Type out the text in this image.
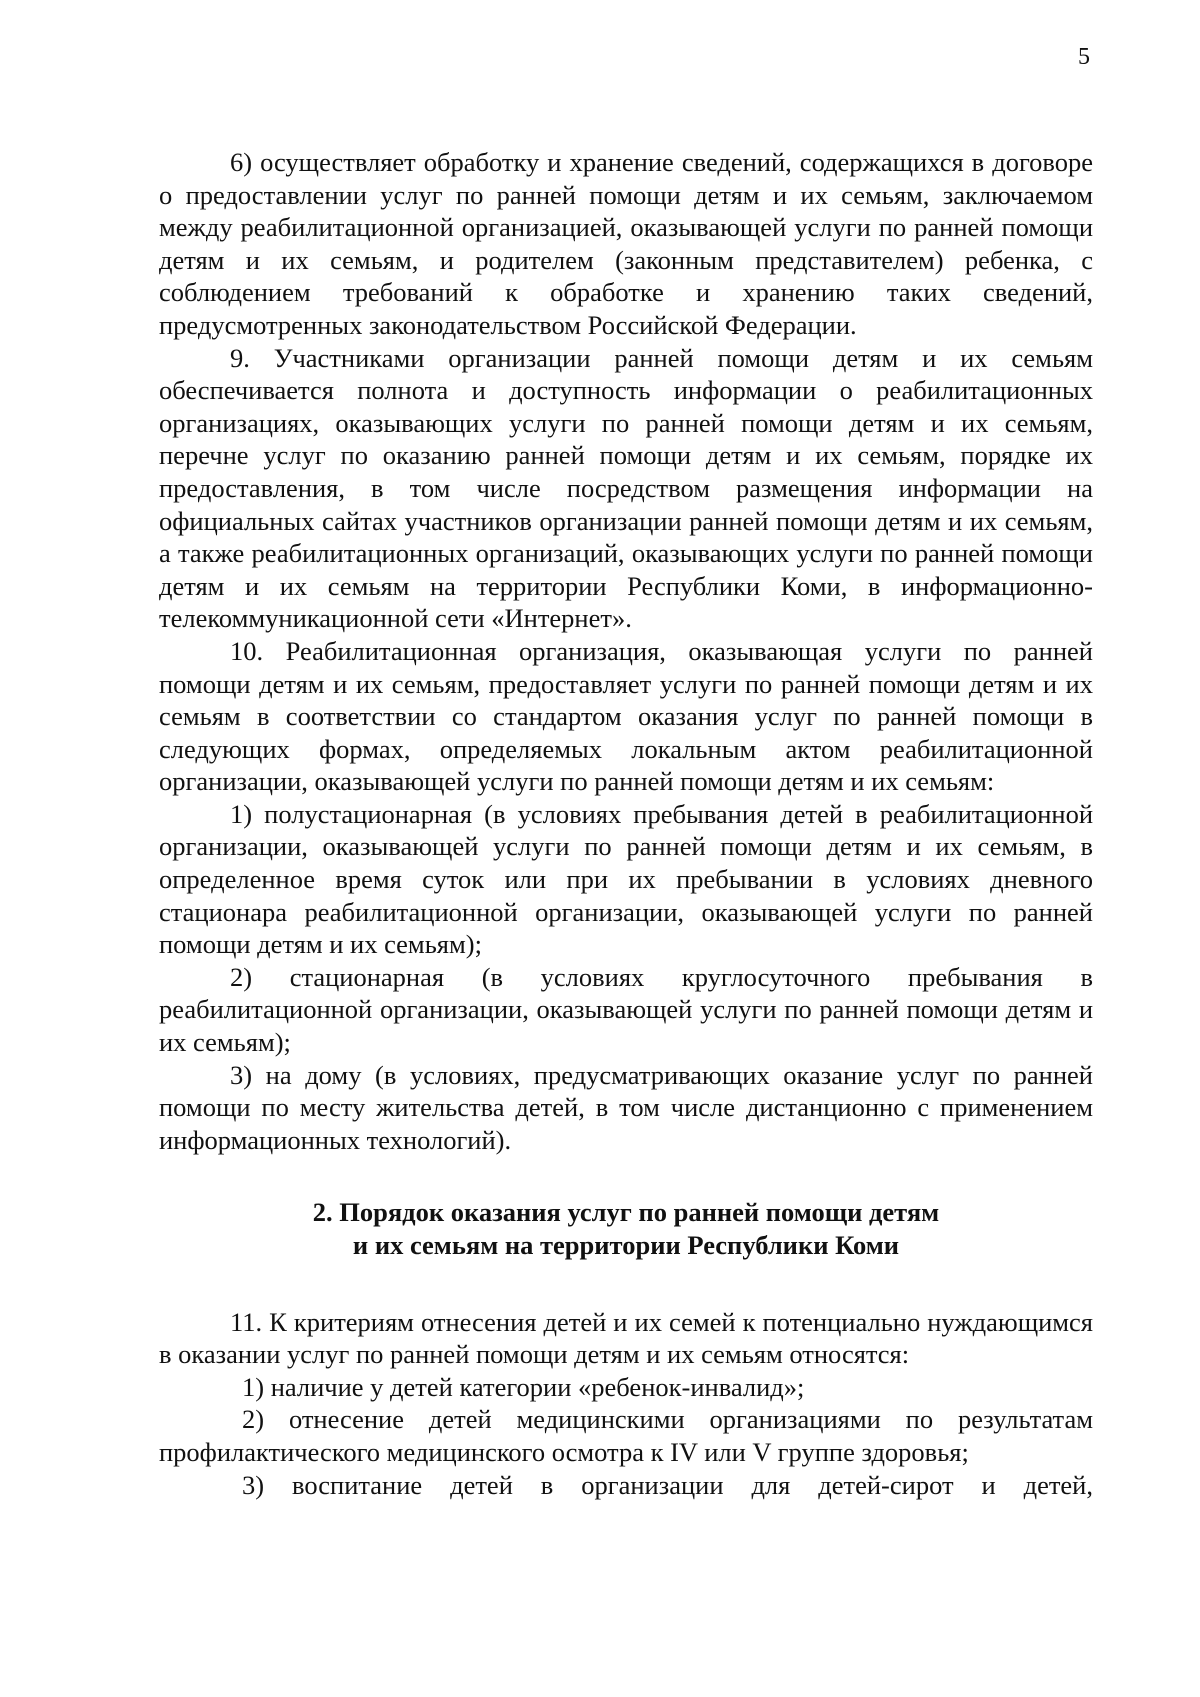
5

6) осуществляет обработку и хранение сведений, содержащихся в договоре о предоставлении услуг по ранней помощи детям и их семьям, заключаемом между реабилитационной организацией, оказывающей услуги по ранней помощи детям и их семьям, и родителем (законным представителем) ребенка, с соблюдением требований к обработке и хранению таких сведений, предусмотренных законодательством Российской Федерации.

9. Участниками организации ранней помощи детям и их семьям обеспечивается полнота и доступность информации о реабилитационных организациях, оказывающих услуги по ранней помощи детям и их семьям, перечне услуг по оказанию ранней помощи детям и их семьям, порядке их предоставления, в том числе посредством размещения информации на официальных сайтах участников организации ранней помощи детям и их семьям, а также реабилитационных организаций, оказывающих услуги по ранней помощи детям и их семьям на территории Республики Коми, в информационно-телекоммуникационной сети «Интернет».

10. Реабилитационная организация, оказывающая услуги по ранней помощи детям и их семьям, предоставляет услуги по ранней помощи детям и их семьям в соответствии со стандартом оказания услуг по ранней помощи в следующих формах, определяемых локальным актом реабилитационной организации, оказывающей услуги по ранней помощи детям и их семьям:

1) полустационарная (в условиях пребывания детей в реабилитационной организации, оказывающей услуги по ранней помощи детям и их семьям, в определенное время суток или при их пребывании в условиях дневного стационара реабилитационной организации, оказывающей услуги по ранней помощи детям и их семьям);

2) стационарная (в условиях круглосуточного пребывания в реабилитационной организации, оказывающей услуги по ранней помощи детям и их семьям);

3) на дому (в условиях, предусматривающих оказание услуг по ранней помощи по месту жительства детей, в том числе дистанционно с применением информационных технологий).

2. Порядок оказания услуг по ранней помощи детям
и их семьям на территории Республики Коми

11. К критериям отнесения детей и их семей к потенциально нуждающимся в оказании услуг по ранней помощи детям и их семьям относятся:

1) наличие у детей категории «ребенок-инвалид»;

2) отнесение детей медицинскими организациями по результатам профилактического медицинского осмотра к IV или V группе здоровья;

3) воспитание детей в организации для детей-сирот и детей,
